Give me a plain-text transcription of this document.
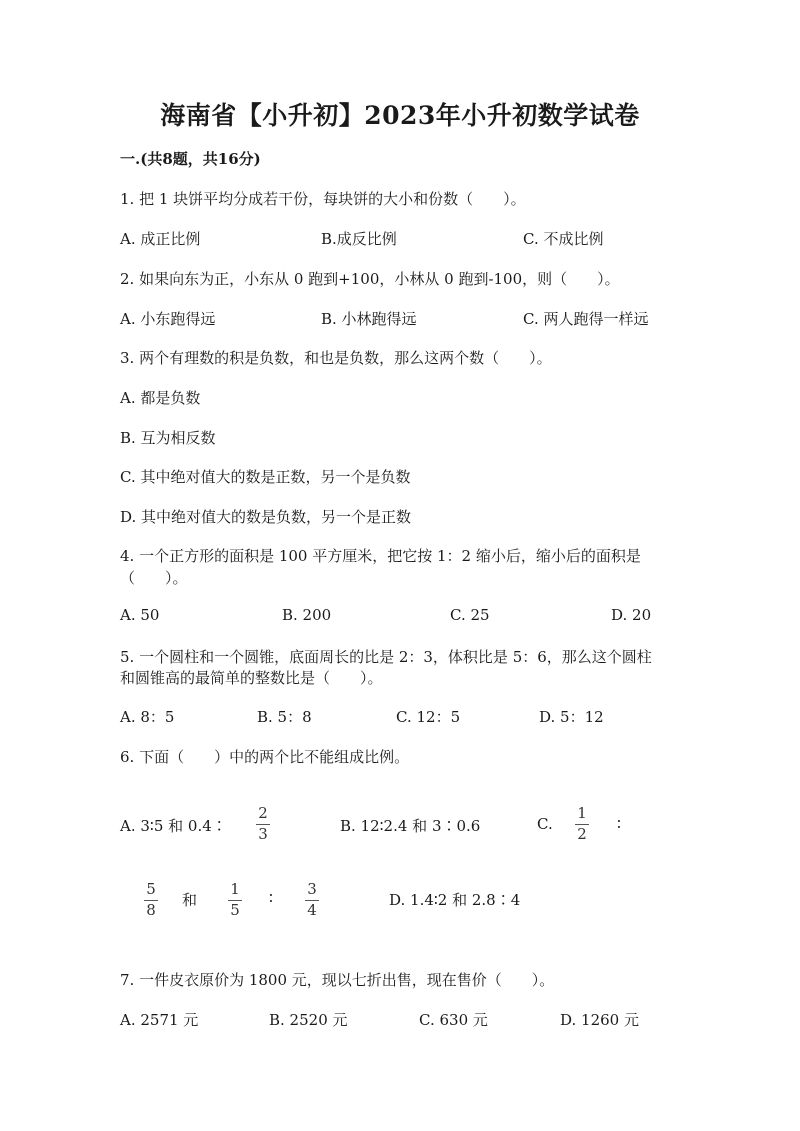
海南省【小升初】2023年小升初数学试卷
一.(共8题，共16分)
1. 把 1 块饼平均分成若干份，每块饼的大小和份数（　　）。
A. 成正比例	B.成反比例	C. 不成比例
2. 如果向东为正，小东从 0 跑到+100，小林从 0 跑到-100，则（　　）。
A. 小东跑得远	B. 小林跑得远	C. 两人跑得一样远
3. 两个有理数的积是负数，和也是负数，那么这两个数（　　）。
A. 都是负数
B. 互为相反数
C. 其中绝对值大的数是正数，另一个是负数
D. 其中绝对值大的数是负数，另一个是正数
4. 一个正方形的面积是 100 平方厘米，把它按 1：2 缩小后，缩小后的面积是
（　　）。
A. 50	B. 200	C. 25	D. 20
5. 一个圆柱和一个圆锥，底面周长的比是 2：3，体积比是 5：6，那么这个圆柱
和圆锥高的最简单的整数比是（　　）。
A. 8：5	B. 5：8	C. 12：5	D. 5：12
6. 下面（　　）中的两个比不能组成比例。
A. 3∶5 和 0.4∶
2
3	B. 12∶2.4 和 3∶0.6	C.
1
2
∶
5
8
和
1
5
∶ 3
4
D. 1.4∶2 和 2.8∶4
7. 一件皮衣原价为 1800 元，现以七折出售，现在售价（　　）。
A. 2571 元	B. 2520 元	C. 630 元	D. 1260 元
